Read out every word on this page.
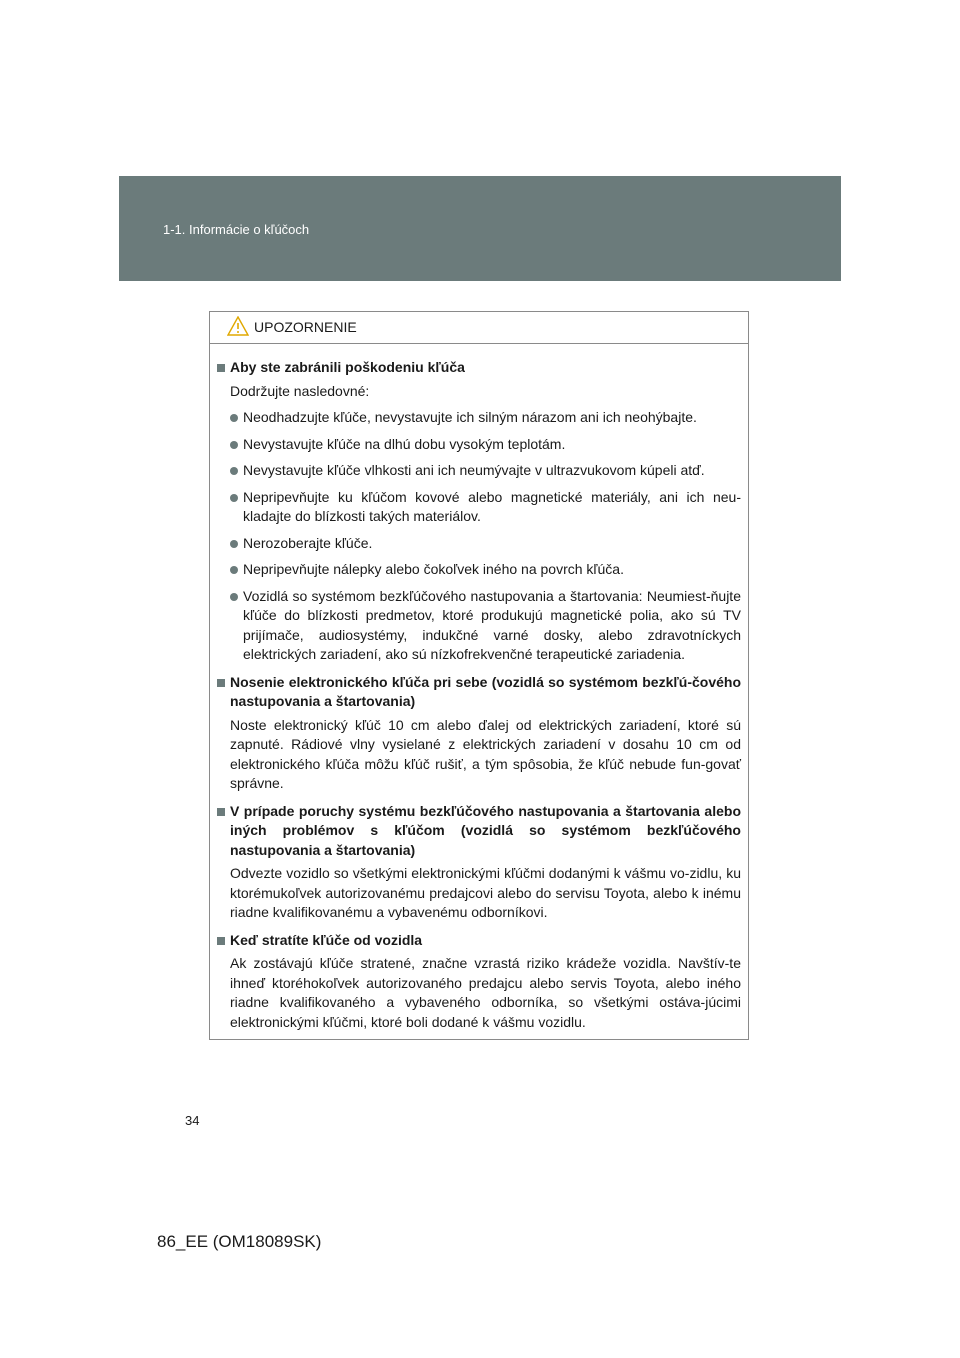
1-1. Informácie o kľúčoch
UPOZORNENIE
Aby ste zabránili poškodeniu kľúča
Dodržujte nasledovné:
Neodhadzujte kľúče, nevystavujte ich silným nárazom ani ich neohýbajte.
Nevystavujte kľúče na dlhú dobu vysokým teplotám.
Nevystavujte kľúče vlhkosti ani ich neumývajte v ultrazvukovom kúpeli atď.
Nepripevňujte ku kľúčom kovové alebo magnetické materiály, ani ich neu-kladajte do blízkosti takých materiálov.
Nerozoberajte kľúče.
Nepripevňujte nálepky alebo čokoľvek iného na povrch kľúča.
Vozidlá so systémom bezkľúčového nastupovania a štartovania: Neumiest-ňujte kľúče do blízkosti predmetov, ktoré produkujú magnetické polia, ako sú TV prijímače, audiosystémy, indukčné varné dosky, alebo zdravotníckych elektrických zariadení, ako sú nízkofrekvenčné terapeutické zariadenia.
Nosenie elektronického kľúča pri sebe (vozidlá so systémom bezkľú-čového nastupovania a štartovania)
Noste elektronický kľúč 10 cm alebo ďalej od elektrických zariadení, ktoré sú zapnuté. Rádiové vlny vysielané z elektrických zariadení v dosahu 10 cm od elektronického kľúča môžu kľúč rušiť, a tým spôsobia, že kľúč nebude fun-govať správne.
V prípade poruchy systému bezkľúčového nastupovania a štartovania alebo iných problémov s kľúčom (vozidlá so systémom bezkľúčového nastupovania a štartovania)
Odvezte vozidlo so všetkými elektronickými kľúčmi dodanými k vášmu vo-zidlu, ku ktorémukoľvek autorizovanému predajcovi alebo do servisu Toyota, alebo k inému riadne kvalifikovanému a vybavenému odborníkovi.
Keď stratíte kľúče od vozidla
Ak zostávajú kľúče stratené, značne vzrastá riziko krádeže vozidla. Navštív-te ihneď ktoréhokoľvek autorizovaného predajcu alebo servis Toyota, alebo iného riadne kvalifikovaného a vybaveného odborníka, so všetkými ostáva-júcimi elektronickými kľúčmi, ktoré boli dodané k vášmu vozidlu.
34
86_EE (OM18089SK)
